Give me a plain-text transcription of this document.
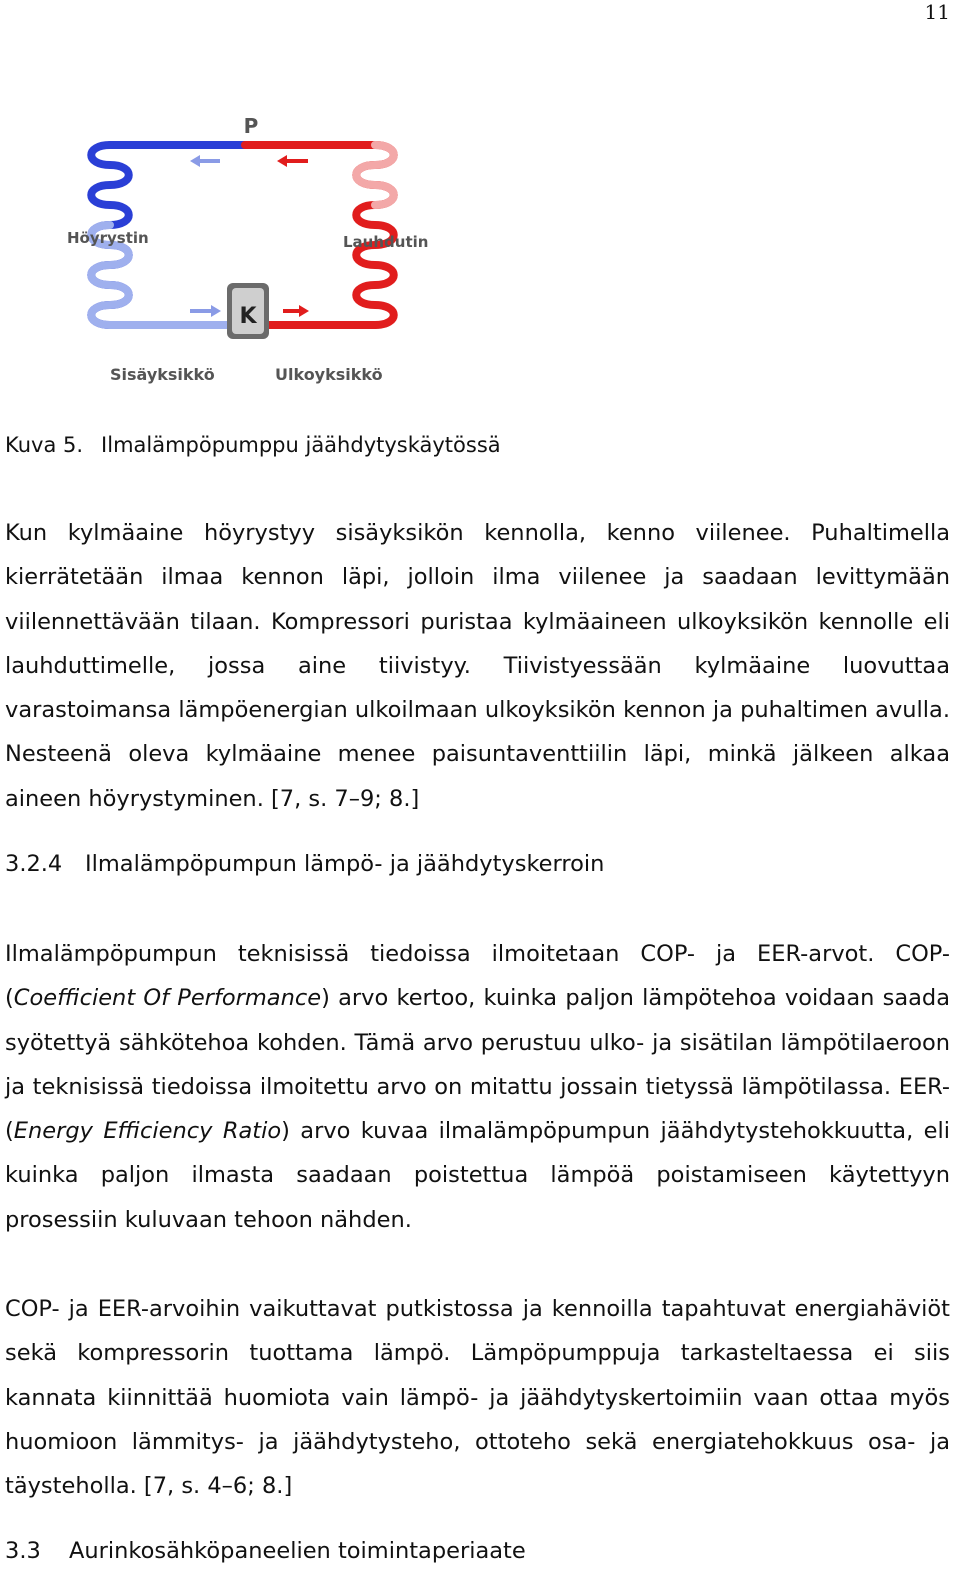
11
K
P
Höyrystin	Lauhdutin
Sisäyksikkö	Ulkoyksikkö
Kuva 5. Ilmalämpöpumppu jäähdytyskäytössä

Kun kylmäaine höyrystyy sisäyksikön kennolla, kenno viilenee. Puhaltimella kierrätetään ilmaa kennon läpi, jolloin ilma viilenee ja saadaan levittymään viilennettävään tilaan. Kompressori puristaa kylmäaineen ulkoyksikön kennolle eli lauhduttimelle, jossa aine tiivistyy. Tiivistyessään kylmäaine luovuttaa varastoimansa lämpöenergian ulkoilmaan ulkoyksikön kennon ja puhaltimen avulla. Nesteenä oleva kylmäaine menee paisuntaventtiilin läpi, minkä jälkeen alkaa aineen höyrystyminen. [7, s. 7–9; 8.]

3.2.4 Ilmalämpöpumpun lämpö- ja jäähdytyskerroin

Ilmalämpöpumpun teknisissä tiedoissa ilmoitetaan COP- ja EER-arvot. COP- (Coefficient Of Performance) arvo kertoo, kuinka paljon lämpötehoa voidaan saada syötettyä sähkötehoa kohden. Tämä arvo perustuu ulko- ja sisätilan lämpötilaeroon ja teknisissä tiedoissa ilmoitettu arvo on mitattu jossain tietyssä lämpötilassa. EER- (Energy Efficiency Ratio) arvo kuvaa ilmalämpöpumpun jäähdytystehokkuutta, eli kuinka paljon ilmasta saadaan poistettua lämpöä poistamiseen käytettyyn prosessiin kuluvaan tehoon nähden.

COP- ja EER-arvoihin vaikuttavat putkistossa ja kennoilla tapahtuvat energiahäviöt sekä kompressorin tuottama lämpö. Lämpöpumppuja tarkasteltaessa ei siis kannata kiinnittää huomiota vain lämpö- ja jäähdytyskertoimiin vaan ottaa myös huomioon lämmitys- ja jäähdytysteho, ottoteho sekä energiatehokkuus osa- ja täysteholla. [7, s. 4–6; 8.]

3.3 Aurinkosähköpaneelien toimintaperiaate
